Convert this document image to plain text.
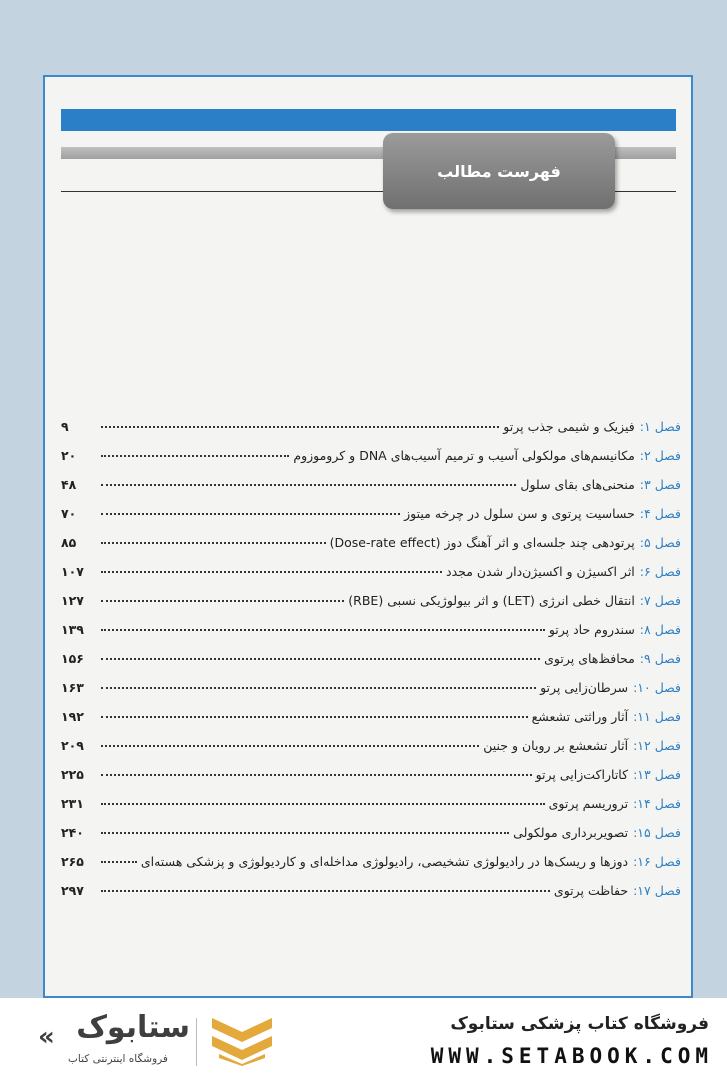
فهرست مطالب
فصل ۱:
فیزیک و شیمی جذب پرتو
۹
فصل ۲:
مکانیسم‌های مولکولی آسیب و ترمیم آسیب‌های DNA و کروموزوم
۲۰
فصل ۳:
منحنی‌های بقای سلول
۴۸
فصل ۴:
حساسیت پرتوی و سن سلول در چرخه میتوز
۷۰
فصل ۵:
پرتودهی چند جلسه‌ای و اثر آهنگ دوز (Dose-rate effect)
۸۵
فصل ۶:
اثر اکسیژن و اکسیژن‌دار شدن مجدد
۱۰۷
فصل ۷:
انتقال خطی انرژی (LET) و اثر بیولوژیکی نسبی (RBE)
۱۲۷
فصل ۸:
سندروم حاد پرتو
۱۳۹
فصل ۹:
محافظ‌های پرتوی
۱۵۶
فصل ۱۰:
سرطان‌زایی پرتو
۱۶۳
فصل ۱۱:
آثار وراثتی تشعشع
۱۹۲
فصل ۱۲:
آثار تشعشع بر رویان و جنین
۲۰۹
فصل ۱۳:
کاتاراکت‌زایی پرتو
۲۲۵
فصل ۱۴:
تروریسم پرتوی
۲۳۱
فصل ۱۵:
تصویربرداری مولکولی
۲۴۰
فصل ۱۶:
دوزها و ریسک‌ها در رادیولوژی تشخیصی، رادیولوژی مداخله‌ای و کاردیولوژی و پزشکی هسته‌ای
۲۶۵
فصل ۱۷:
حفاظت پرتوی
۲۹۷
فروشگاه کتاب پزشکی ستابوک
WWW.SETABOOK.COM
« ستابوک
فروشگاه اینترنتی کتاب
